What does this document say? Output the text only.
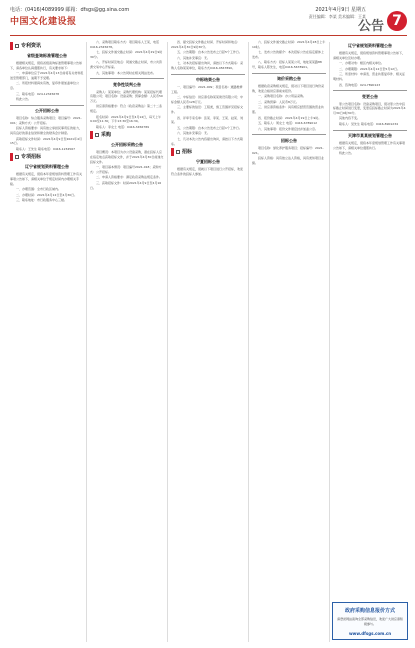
电话：(0416)4089999 邮箱：dfsgs@gg.sina.com
中国文化建设报
2021年4月9日 星期五
责任编辑：李某 美术编辑：王某
公告 7
专利资讯
省级查询标准管理公告

根据相关规定，现将省级查询标准管理事项公告如下，请各单位认真遵照执行，有关要求如下：

一、申请单位应于2021年4月13日前将有关材料报送至管理部门，逾期不予受理。

二、所报材料须真实有效，复印件须加盖单位公章。

三、联系电话：024-12345678

特此公告。

公开招标公告

项目名称：综合服务采购项目；项目编号：2021-001；采购方式：公开招标。

投标人资格要求：具有独立承担民事责任的能力，具有良好的商业信誉和健全的财务会计制度。

获取招标文件时间：2021年4月9日至2021年4月15日。

联系人：王先生 联系电话：0416-1234567

专项招标
辽宁省规划资料管理公告

根据有关规定，现将本年度规划资料管理工作有关事项公告如下，请相关单位于规定时间内办理相关手续。

一、办理范围：全市行政区域内。

二、办理时间：2021年4月12日至4月30日。

三、联系地址：市行政服务中心三楼。

六、采购项目联系方式：项目联系人王某，电话0416-2345678。

七、投标文件递交截止时间：2021年4月29日9时30分。

八、开标时间及地点：同递交截止时间，市公共资源交易中心开标室。

九、其他事项：本公告同时在相关网站发布。

竞争性谈判公告

采购人：某某单位；采购代理机构：某某招标代理有限公司；项目名称：设备采购；预算金额：人民币50万元。

供应商资格要求：符合《政府采购法》第二十二条规定。

报名时间：2021年4月9日至4月14日，每天上午9:00至11:30，下午13:30至16:30。

联系人：李女士 电话：0416-3456789

采购
公开招标采购公告

项目概况：本项目为办公设备采购，潜在投标人应在指定地点获取招标文件，并于2021年4月30日前递交投标文件。

一、项目基本情况：项目编号2021-018；采购方式：公开招标。

二、申请人资格要求：满足政府采购法规定条件。

三、获取招标文件：时间2021年4月9日至4月16日。

四、提交投标文件截止时间、开标时间和地点：2021年4月30日9时30分。

五、公告期限：自本公告发布之日起5个工作日。

六、其他补充事宜：无。

七、对本次招标提出询问，请按以下方式联系：采购人名称某某单位，联系方式0416-4567890。

中标结果公告

一、项目编号：2021-009；项目名称：道路维修工程。

二、中标信息：供应商名称某某建设有限公司；中标金额人民币128万元。

三、主要标的信息：工程类，施工范围详见招标文件。

四、评审专家名单：张某、李某、王某、赵某、刘某。

五、公告期限：自本公告发布之日起1个工作日。

六、其他补充事宜：无。

七、凡对本次公告内容提出询问，请按以下方式联系。

招标
宁夏招标公告

根据有关规定，现就以下项目进行公开招标，欢迎符合条件的投标人参加。

六、投标文件递交截止时间：2021年4月28日上午10时。

七、发布公告的媒介：本次招标公告在指定媒体上发布。

八、联系方式：招标人某某公司，地址某某路88号，联系人陈先生，电话0416-5678901。

询价采购公告

根据政府采购相关规定，现对以下项目进行询价采购，欢迎合格供应商前来报价。

一、采购项目名称：办公用品采购。

二、采购预算：人民币8万元。

三、供应商资格条件：具有相应经营范围的营业执照。

四、报价截止时间：2021年4月19日上午9时。

五、联系人：周女士 电话：0416-6789012

六、其他事项：报价文件须密封并加盖公章。

招标公告

项目名称：绿化养护服务项目；招标编号：2021-021。

投标人资格：具有独立法人资格，具有类似项目业绩。

辽宁省规划资料管理公告

根据有关规定，现将规划资料管理事项公告如下，请相关单位及时办理。

一、办理对象：辖区内相关单位。

二、办理期限：2021年4月12日至5月12日。

三、所需材料：申请表、营业执照复印件、相关证明材料。

四、咨询电话：024-7890123

变更公告

原公告项目名称：设备采购项目，现对原公告中投标截止时间进行变更，变更后投标截止时间为2021年4月30日9时30分。

其他内容不变。

联系人：吴先生 联系电话：0416-8901234

天津市某某规划管理公告

根据有关规定，现将本年度规划管理工作有关事项公告如下，请相关单位遵照执行。

特此公告。

政府采购信息报价方式
请登录网站查询全部采购信息，欢迎广大供应商积极参与。
www.dfsgs.com.cn
